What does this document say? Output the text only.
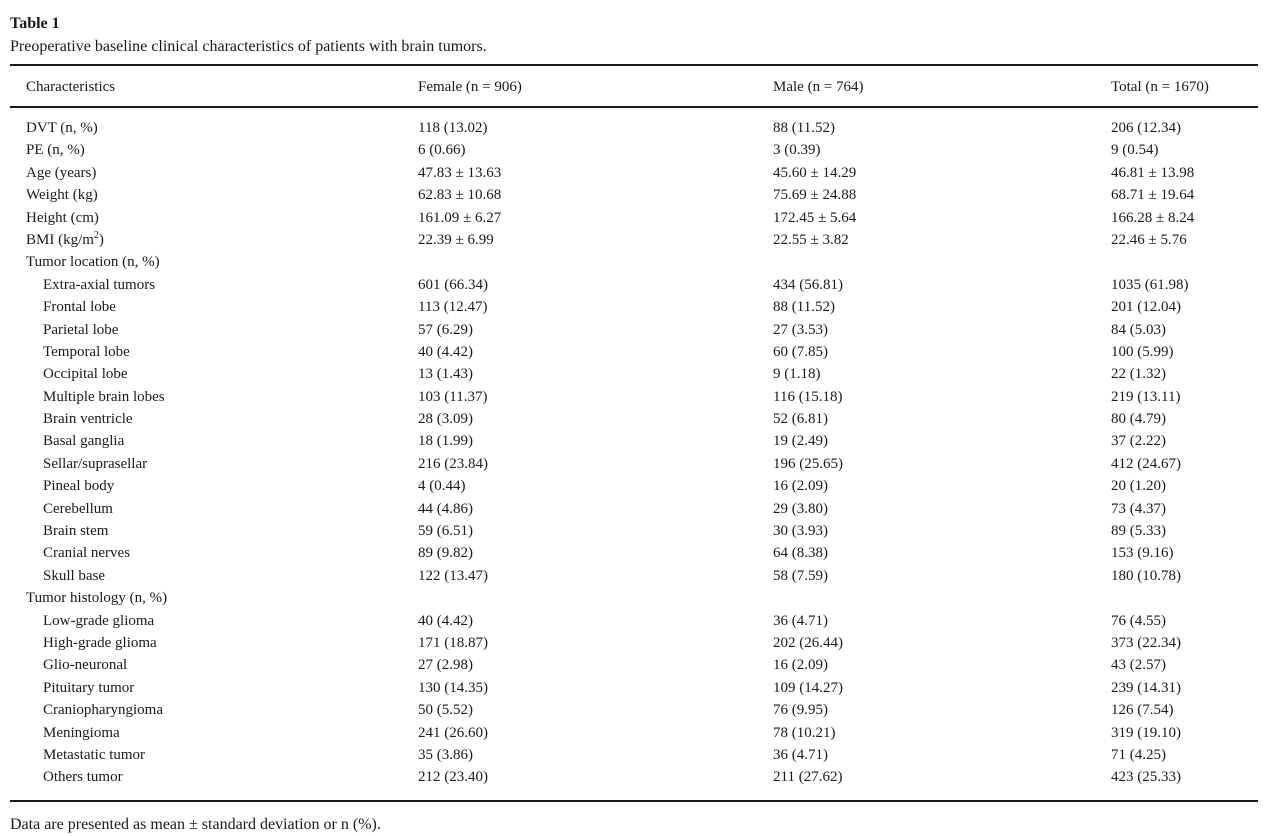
Table 1
Preoperative baseline clinical characteristics of patients with brain tumors.
Characteristics	Female (n = 906)	Male (n = 764)	Total (n = 1670)
DVT (n, %)	118 (13.02)	88 (11.52)	206 (12.34)
PE (n, %)	6 (0.66)	3 (0.39)	9 (0.54)
Age (years)	47.83 ± 13.63	45.60 ± 14.29	46.81 ± 13.98
Weight (kg)	62.83 ± 10.68	75.69 ± 24.88	68.71 ± 19.64
Height (cm)	161.09 ± 6.27	172.45 ± 5.64	166.28 ± 8.24
BMI $(kg/m^2)$	22.39 ± 6.99	22.55 ± 3.82	22.46 ± 5.76
Tumor location (n, %)
Extra-axial tumors	601 (66.34)	434 (56.81)	1035 (61.98)
Frontal lobe	113 (12.47)	88 (11.52)	201 (12.04)
Parietal lobe	57 (6.29)	27 (3.53)	84 (5.03)
Temporal lobe	40 (4.42)	60 (7.85)	100 (5.99)
Occipital lobe	13 (1.43)	9 (1.18)	22 (1.32)
Multiple brain lobes	103 (11.37)	116 (15.18)	219 (13.11)
Brain ventricle	28 (3.09)	52 (6.81)	80 (4.79)
Basal ganglia	18 (1.99)	19 (2.49)	37 (2.22)
Sellar/suprasellar	216 (23.84)	196 (25.65)	412 (24.67)
Pineal body	4 (0.44)	16 (2.09)	20 (1.20)
Cerebellum	44 (4.86)	29 (3.80)	73 (4.37)
Brain stem	59 (6.51)	30 (3.93)	89 (5.33)
Cranial nerves	89 (9.82)	64 (8.38)	153 (9.16)
Skull base	122 (13.47)	58 (7.59)	180 (10.78)
Tumor histology (n, %)
Low-grade glioma	40 (4.42)	36 (4.71)	76 (4.55)
High-grade glioma	171 (18.87)	202 (26.44)	373 (22.34)
Glio-neuronal	27 (2.98)	16 (2.09)	43 (2.57)
Pituitary tumor	130 (14.35)	109 (14.27)	239 (14.31)
Craniopharyngioma	50 (5.52)	76 (9.95)	126 (7.54)
Meningioma	241 (26.60)	78 (10.21)	319 (19.10)
Metastatic tumor	35 (3.86)	36 (4.71)	71 (4.25)
Others tumor	212 (23.40)	211 (27.62)	423 (25.33)
Data are presented as mean ± standard deviation or n (%).
